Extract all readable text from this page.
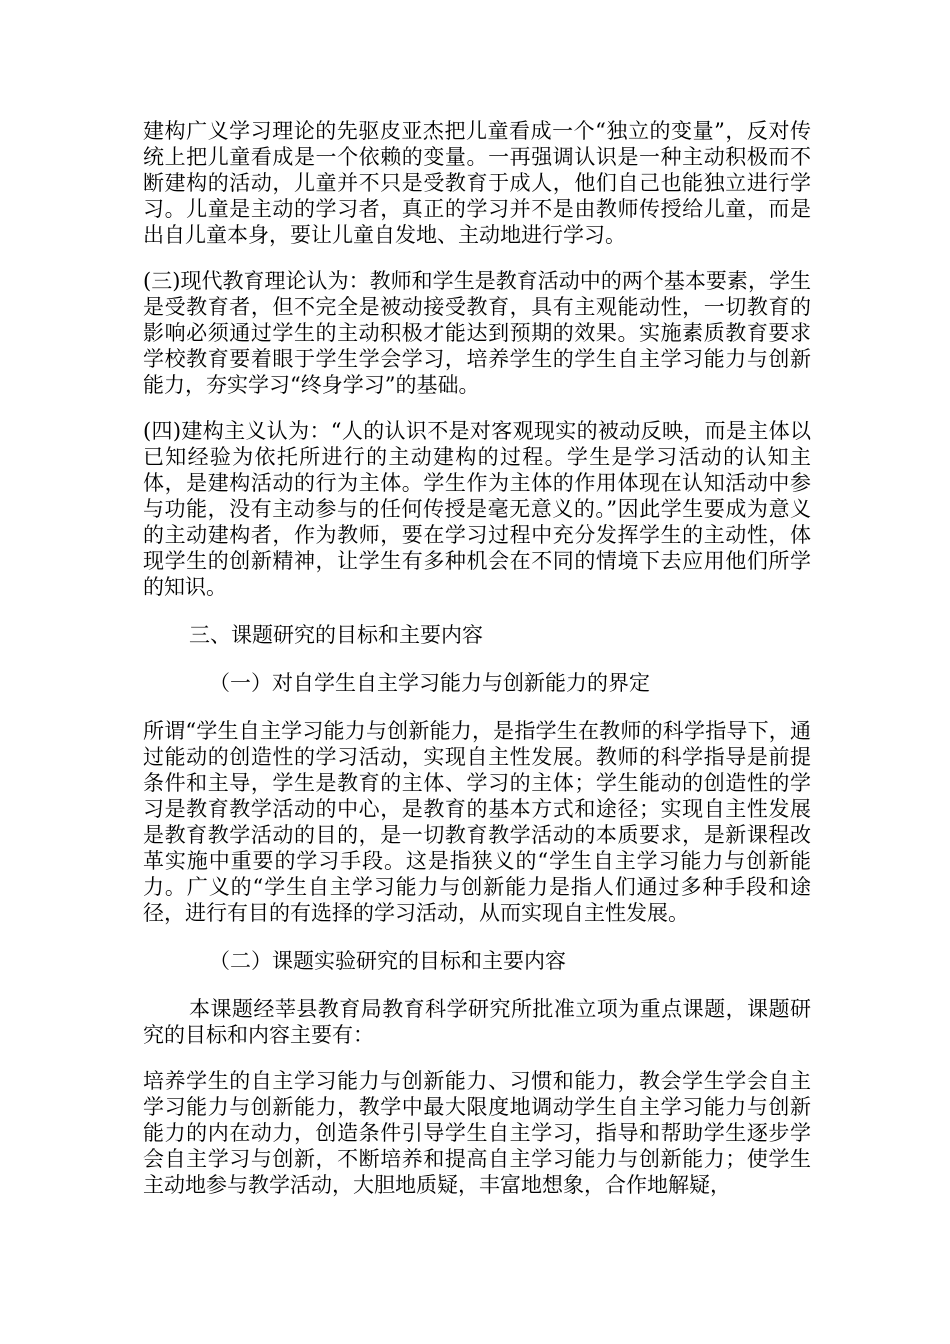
建构广义学习理论的先驱皮亚杰把儿童看成一个“独立的变量”，反对传统上把儿童看成是一个依赖的变量。一再强调认识是一种主动积极而不断建构的活动，儿童并不只是受教育于成人，他们自己也能独立进行学习。儿童是主动的学习者，真正的学习并不是由教师传授给儿童，而是出自儿童本身，要让儿童自发地、主动地进行学习。

(三)现代教育理论认为：教师和学生是教育活动中的两个基本要素，学生是受教育者，但不完全是被动接受教育，具有主观能动性，一切教育的影响必须通过学生的主动积极才能达到预期的效果。实施素质教育要求学校教育要着眼于学生学会学习，培养学生的学生自主学习能力与创新能力，夯实学习“终身学习”的基础。

(四)建构主义认为：“人的认识不是对客观现实的被动反映，而是主体以已知经验为依托所进行的主动建构的过程。学生是学习活动的认知主体，是建构活动的行为主体。学生作为主体的作用体现在认知活动中参与功能，没有主动参与的任何传授是毫无意义的。”因此学生要成为意义的主动建构者，作为教师，要在学习过程中充分发挥学生的主动性，体现学生的创新精神，让学生有多种机会在不同的情境下去应用他们所学的知识。

三、课题研究的目标和主要内容

（一）对自学生自主学习能力与创新能力的界定

所谓“学生自主学习能力与创新能力，是指学生在教师的科学指导下，通过能动的创造性的学习活动，实现自主性发展。教师的科学指导是前提条件和主导，学生是教育的主体、学习的主体；学生能动的创造性的学习是教育教学活动的中心，是教育的基本方式和途径；实现自主性发展是教育教学活动的目的，是一切教育教学活动的本质要求，是新课程改革实施中重要的学习手段。这是指狭义的“学生自主学习能力与创新能力。广义的“学生自主学习能力与创新能力是指人们通过多种手段和途径，进行有目的有选择的学习活动，从而实现自主性发展。

（二）课题实验研究的目标和主要内容

本课题经莘县教育局教育科学研究所批准立项为重点课题，课题研究的目标和内容主要有：

培养学生的自主学习能力与创新能力、习惯和能力，教会学生学会自主学习能力与创新能力，教学中最大限度地调动学生自主学习能力与创新能力的内在动力，创造条件引导学生自主学习，指导和帮助学生逐步学会自主学习与创新，不断培养和提高自主学习能力与创新能力；使学生主动地参与教学活动，大胆地质疑，丰富地想象，合作地解疑，
